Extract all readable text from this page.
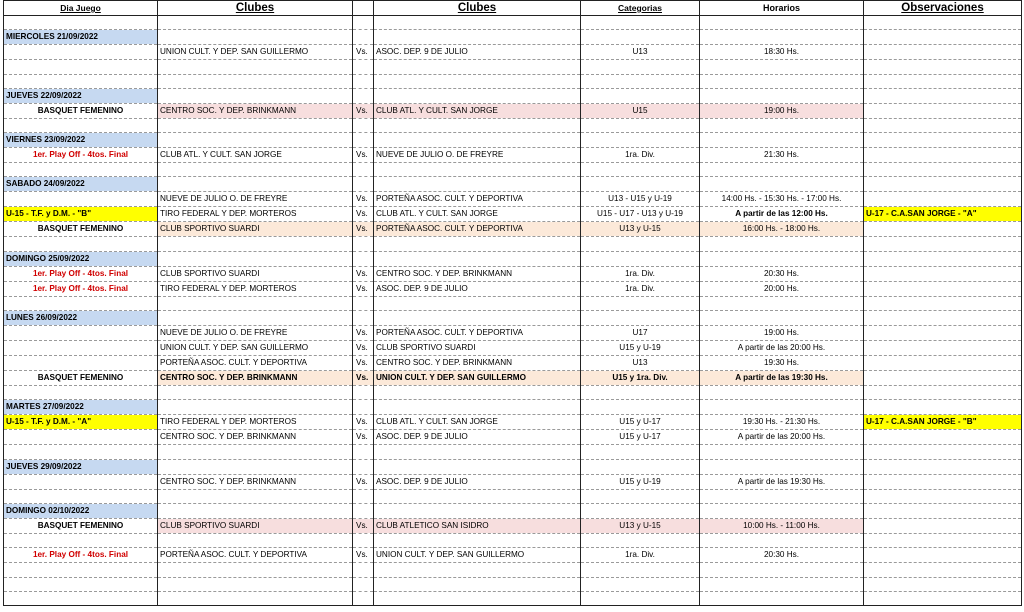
Dia Juego	Clubes		Clubes	Categorias	Horarios	Observaciones

MIERCOLES 21/09/2022						
	UNION CULT. Y DEP. SAN GUILLERMO	Vs.	ASOC. DEP. 9 DE JULIO	U13	18:30 Hs.	

JUEVES 22/09/2022						
BASQUET FEMENINO	CENTRO SOC. Y DEP. BRINKMANN	Vs.	CLUB ATL. Y CULT. SAN JORGE	U15	19:00 Hs.	

VIERNES 23/09/2022						
1er. Play Off - 4tos. Final	CLUB ATL. Y CULT. SAN JORGE	Vs.	NUEVE DE JULIO O. DE FREYRE	1ra. Div.	21:30 Hs.	

SABADO 24/09/2022						
	NUEVE DE JULIO O. DE FREYRE	Vs.	PORTEÑA ASOC. CULT. Y DEPORTIVA	U13 - U15 y U-19	14:00 Hs. - 15:30 Hs. - 17:00 Hs.	
U-15 - T.F. y D.M. - "B"	TIRO FEDERAL Y DEP. MORTEROS	Vs.	CLUB ATL. Y CULT. SAN JORGE	U15 - U17 - U13 y U-19	A partir de las 12:00 Hs.	U-17 - C.A.SAN JORGE - "A"
BASQUET FEMENINO	CLUB SPORTIVO SUARDI	Vs.	PORTEÑA ASOC. CULT. Y DEPORTIVA	U13 y U-15	16:00 Hs. - 18:00 Hs.	

DOMINGO 25/09/2022						
1er. Play Off - 4tos. Final	CLUB SPORTIVO SUARDI	Vs.	CENTRO SOC. Y DEP. BRINKMANN	1ra. Div.	20:30 Hs.	
1er. Play Off - 4tos. Final	TIRO FEDERAL Y DEP. MORTEROS	Vs.	ASOC. DEP. 9 DE JULIO	1ra. Div.	20:00 Hs.	

LUNES 26/09/2022						
	NUEVE DE JULIO O. DE FREYRE	Vs.	PORTEÑA ASOC. CULT. Y DEPORTIVA	U17	19:00 Hs.	
	UNION CULT. Y DEP. SAN GUILLERMO	Vs.	CLUB SPORTIVO SUARDI	U15 y U-19	A partir de las 20:00 Hs.	
	PORTEÑA ASOC. CULT. Y DEPORTIVA	Vs.	CENTRO SOC. Y DEP. BRINKMANN	U13	19:30 Hs.	
BASQUET FEMENINO	CENTRO SOC. Y DEP. BRINKMANN	Vs.	UNION CULT. Y DEP. SAN GUILLERMO	U15 y 1ra. Div.	A partir de las 19:30 Hs.	

MARTES 27/09/2022						
U-15 - T.F. y D.M. - "A"	TIRO FEDERAL Y DEP. MORTEROS	Vs.	CLUB ATL. Y CULT. SAN JORGE	U15 y U-17	19:30 Hs. - 21:30 Hs.	U-17 - C.A.SAN JORGE - "B"
	CENTRO SOC. Y DEP. BRINKMANN	Vs.	ASOC. DEP. 9 DE JULIO	U15 y U-17	A partir de las 20:00 Hs.	

JUEVES 29/09/2022						
	CENTRO SOC. Y DEP. BRINKMANN	Vs.	ASOC. DEP. 9 DE JULIO	U15 y U-19	A partir de las 19:30 Hs.	

DOMINGO 02/10/2022						
BASQUET FEMENINO	CLUB SPORTIVO SUARDI	Vs.	CLUB ATLETICO SAN ISIDRO	U13 y U-15	10:00 Hs. - 11:00 Hs.	

1er. Play Off - 4tos. Final	PORTEÑA ASOC. CULT. Y DEPORTIVA	Vs.	UNION CULT. Y DEP. SAN GUILLERMO	1ra. Div.	20:30 Hs.	
